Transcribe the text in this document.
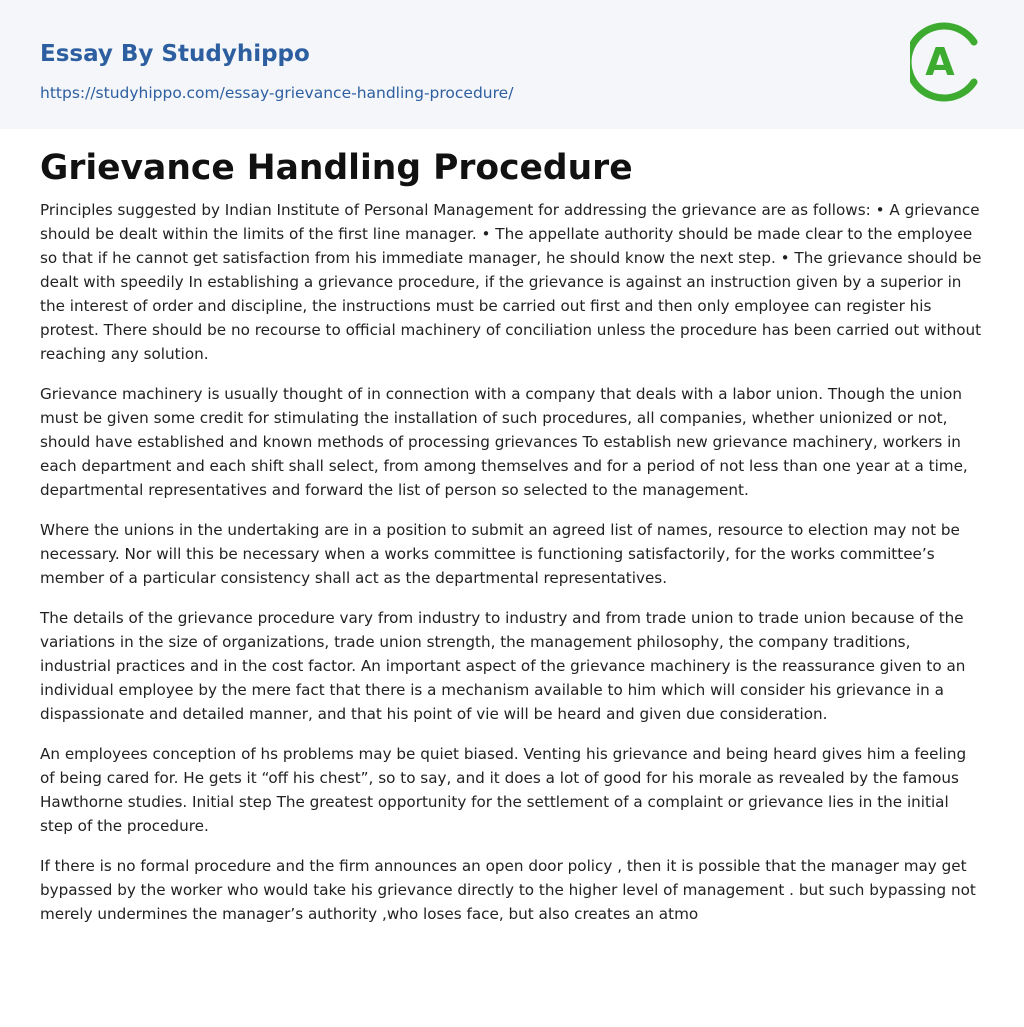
Essay By Studyhippo
https://studyhippo.com/essay-grievance-handling-procedure/
A
Grievance Handling Procedure

Principles suggested by Indian Institute of Personal Management for addressing the grievance are as follows: • A grievance should be dealt within the limits of the first line manager. • The appellate authority should be made clear to the employee so that if he cannot get satisfaction from his immediate manager, he should know the next step. • The grievance should be dealt with speedily In establishing a grievance procedure, if the grievance is against an instruction given by a superior in the interest of order and discipline, the instructions must be carried out first and then only employee can register his protest. There should be no recourse to official machinery of conciliation unless the procedure has been carried out without reaching any solution.

Grievance machinery is usually thought of in connection with a company that deals with a labor union. Though the union must be given some credit for stimulating the installation of such procedures, all companies, whether unionized or not, should have established and known methods of processing grievances To establish new grievance machinery, workers in each department and each shift shall select, from among themselves and for a period of not less than one year at a time, departmental representatives and forward the list of person so selected to the management.

Where the unions in the undertaking are in a position to submit an agreed list of names, resource to election may not be necessary. Nor will this be necessary when a works committee is functioning satisfactorily, for the works committee’s member of a particular consistency shall act as the departmental representatives.

The details of the grievance procedure vary from industry to industry and from trade union to trade union because of the variations in the size of organizations, trade union strength, the management philosophy, the company traditions, industrial practices and in the cost factor. An important aspect of the grievance machinery is the reassurance given to an individual employee by the mere fact that there is a mechanism available to him which will consider his grievance in a dispassionate and detailed manner, and that his point of vie will be heard and given due consideration.

An employees conception of hs problems may be quiet biased. Venting his grievance and being heard gives him a feeling of being cared for. He gets it “off his chest”, so to say, and it does a lot of good for his morale as revealed by the famous Hawthorne studies. Initial step The greatest opportunity for the settlement of a complaint or grievance lies in the initial step of the procedure.

If there is no formal procedure and the firm announces an open door policy , then it is possible that the manager may get bypassed by the worker who would take his grievance directly to the higher level of management . but such bypassing not merely undermines the manager’s authority ,who loses face, but also creates an atmo
